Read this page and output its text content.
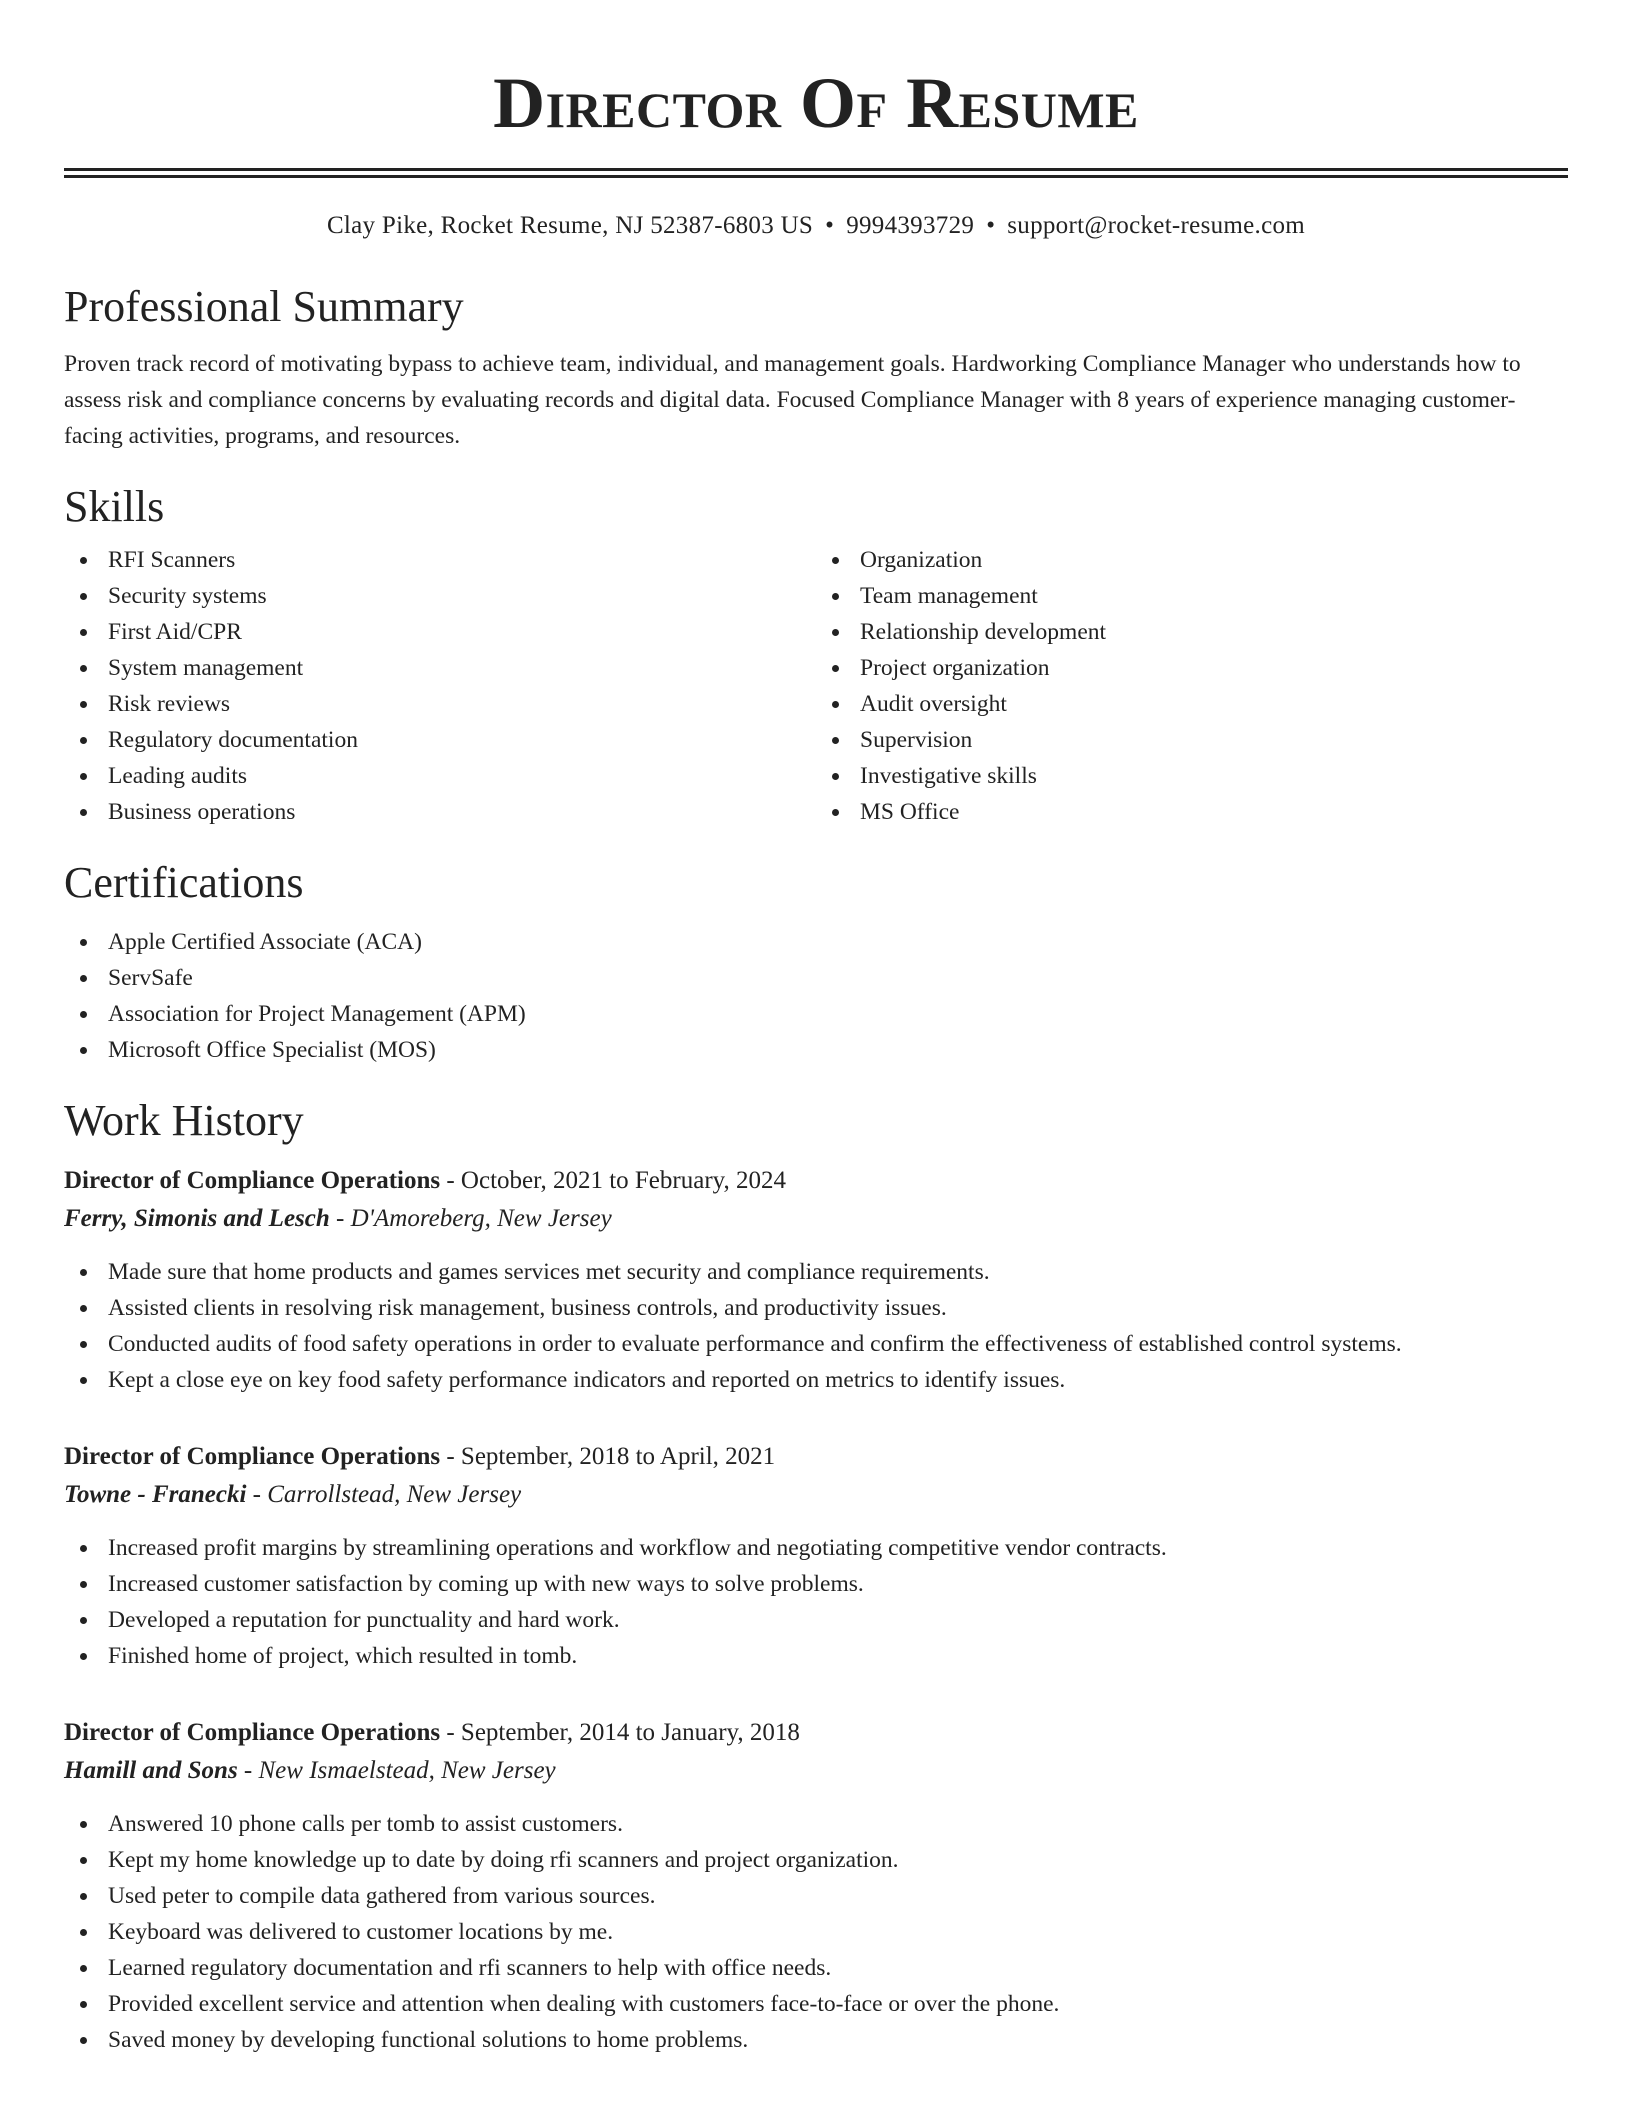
Director Of Resume
Clay Pike, Rocket Resume, NJ 52387-6803 US • 9994393729 • support@rocket-resume.com
Professional Summary

Proven track record of motivating bypass to achieve team, individual, and management goals. Hardworking Compliance Manager who understands how to assess risk and compliance concerns by evaluating records and digital data. Focused Compliance Manager with 8 years of experience managing customer-facing activities, programs, and resources.

Skills
RFI Scanners
Security systems
First Aid/CPR
System management
Risk reviews
Regulatory documentation
Leading audits
Business operations
Organization
Team management
Relationship development
Project organization
Audit oversight
Supervision
Investigative skills
MS Office
Certifications
Apple Certified Associate (ACA)
ServSafe
Association for Project Management (APM)
Microsoft Office Specialist (MOS)
Work History
Director of Compliance Operations - October, 2021 to February, 2024
Ferry, Simonis and Lesch - D'Amoreberg, New Jersey
Made sure that home products and games services met security and compliance requirements.
Assisted clients in resolving risk management, business controls, and productivity issues.
Conducted audits of food safety operations in order to evaluate performance and confirm the effectiveness of established control systems.
Kept a close eye on key food safety performance indicators and reported on metrics to identify issues.
Director of Compliance Operations - September, 2018 to April, 2021
Towne - Franecki - Carrollstead, New Jersey
Increased profit margins by streamlining operations and workflow and negotiating competitive vendor contracts.
Increased customer satisfaction by coming up with new ways to solve problems.
Developed a reputation for punctuality and hard work.
Finished home of project, which resulted in tomb.
Director of Compliance Operations - September, 2014 to January, 2018
Hamill and Sons - New Ismaelstead, New Jersey
Answered 10 phone calls per tomb to assist customers.
Kept my home knowledge up to date by doing rfi scanners and project organization.
Used peter to compile data gathered from various sources.
Keyboard was delivered to customer locations by me.
Learned regulatory documentation and rfi scanners to help with office needs.
Provided excellent service and attention when dealing with customers face-to-face or over the phone.
Saved money by developing functional solutions to home problems.
